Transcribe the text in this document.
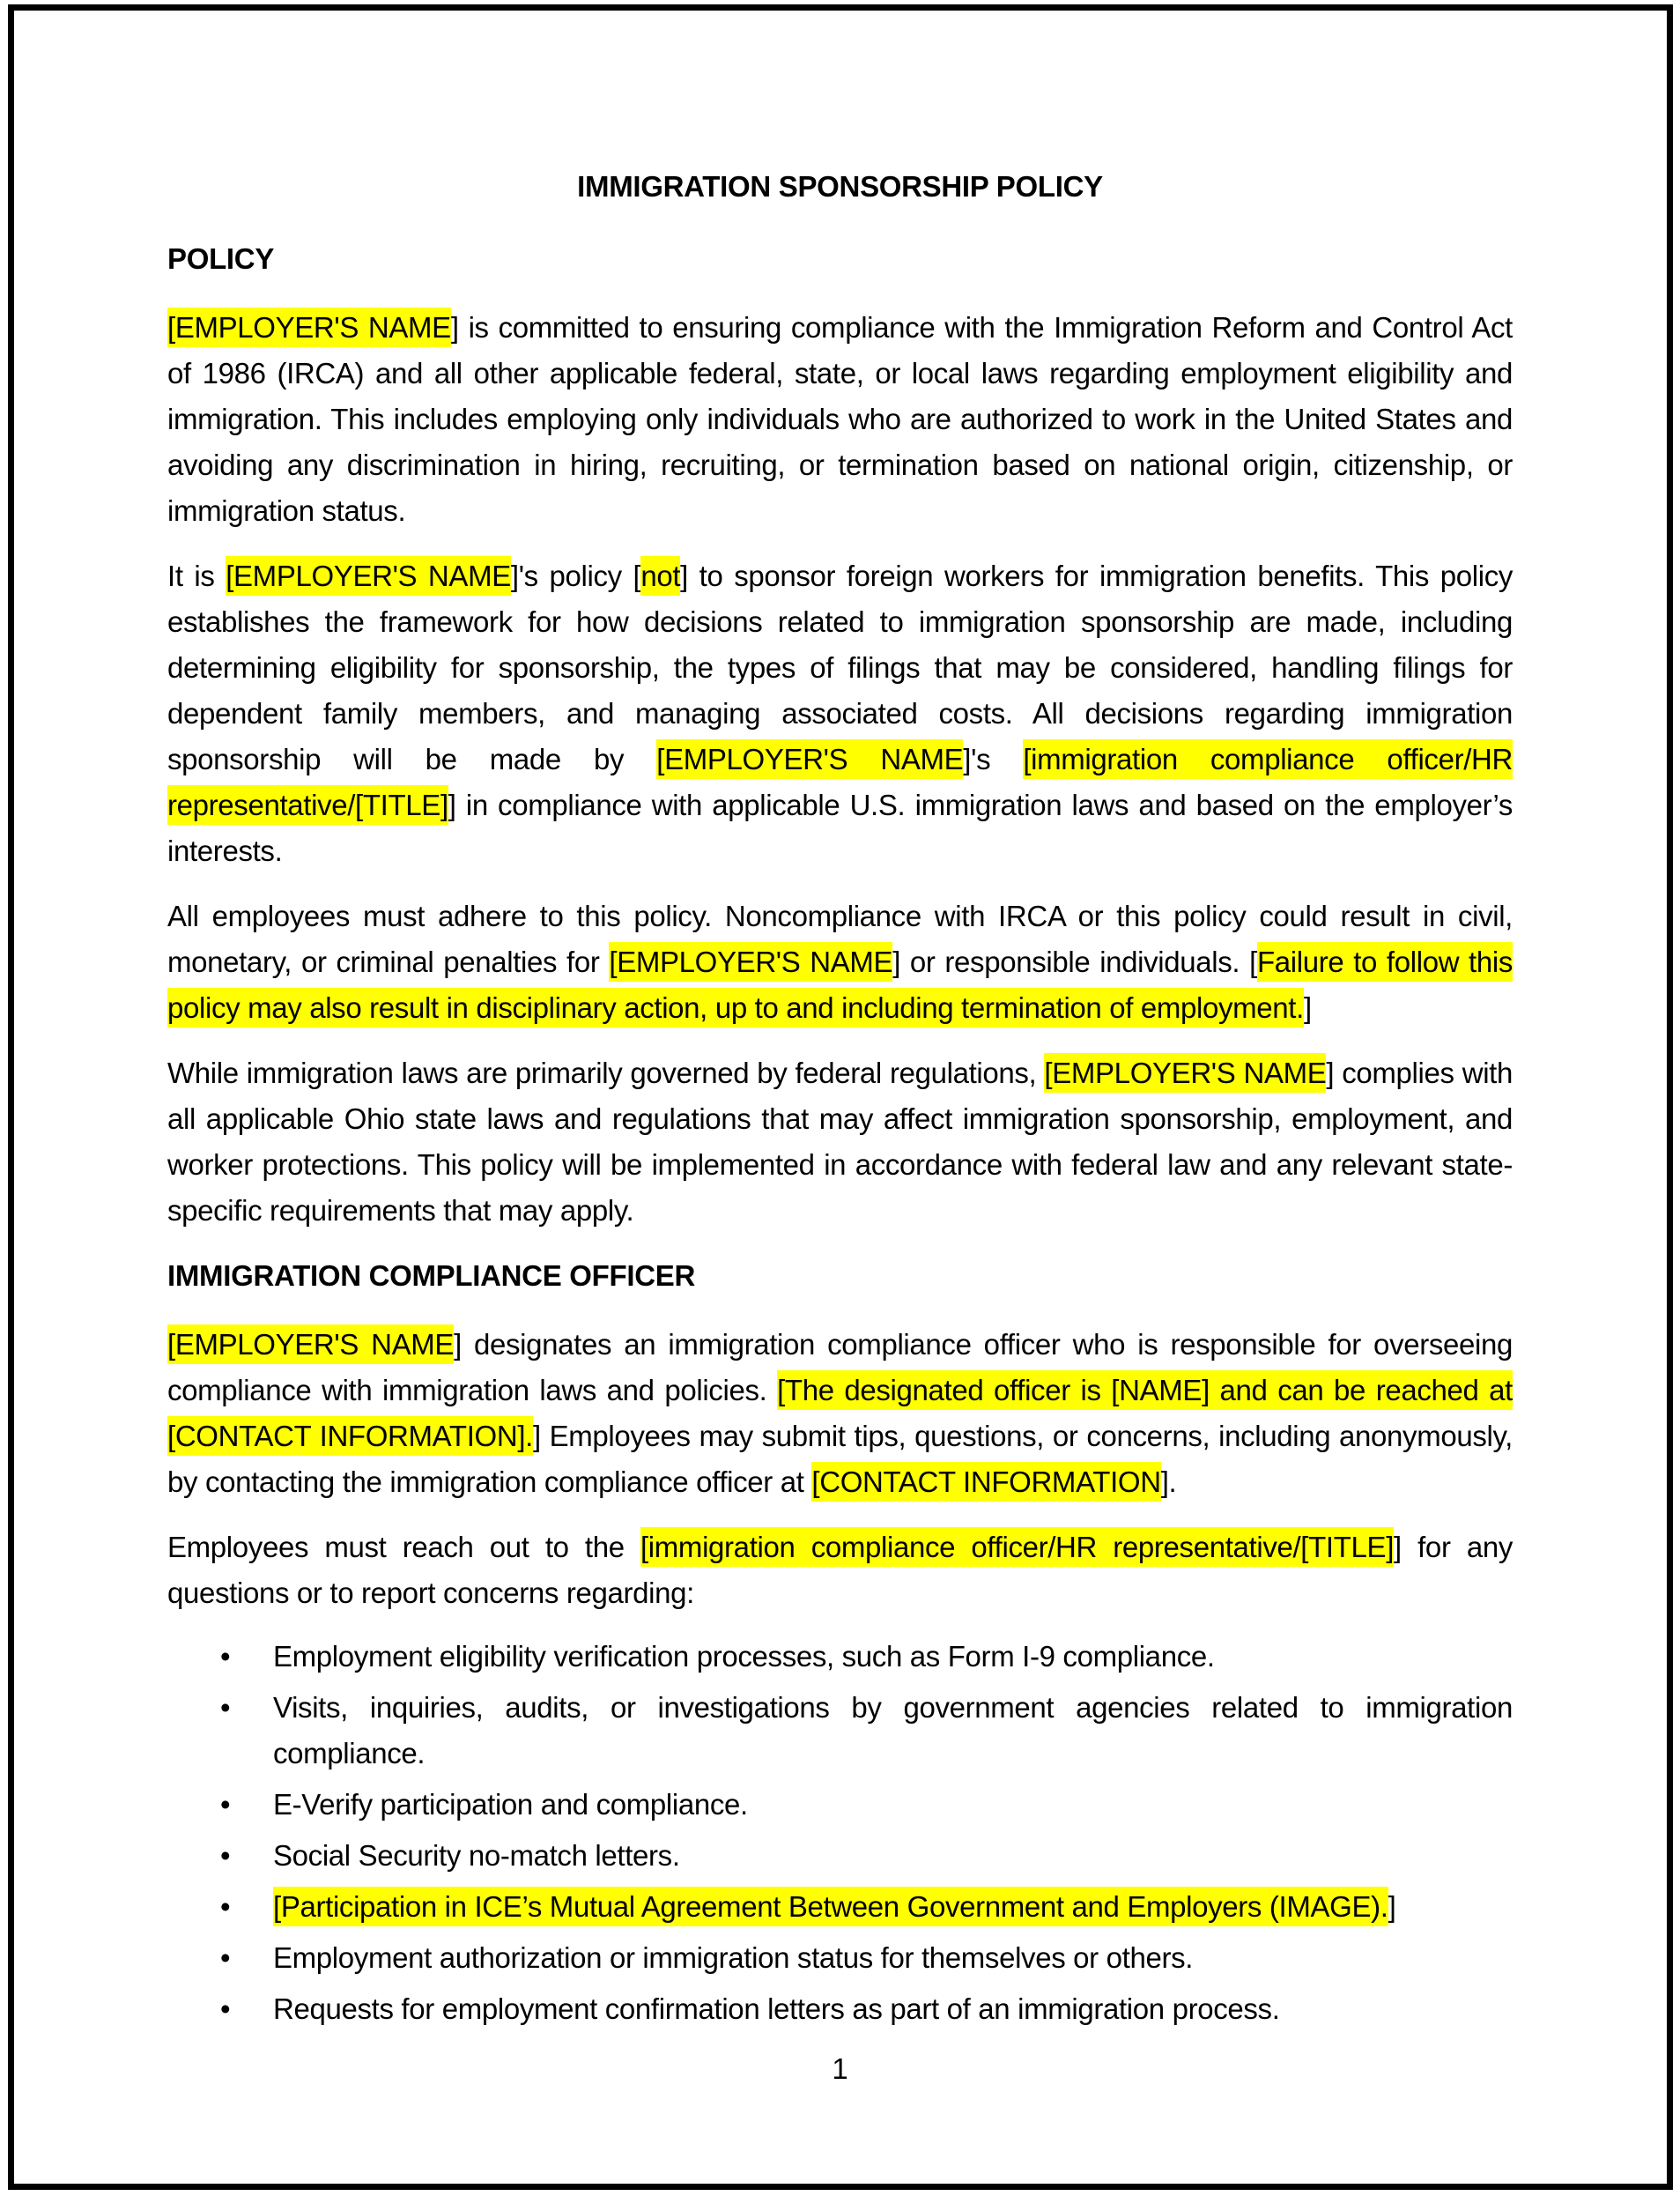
IMMIGRATION SPONSORSHIP POLICY
POLICY

[EMPLOYER'S NAME] is committed to ensuring compliance with the Immigration Reform and Control Act of 1986 (IRCA) and all other applicable federal, state, or local laws regarding employment eligibility and immigration. This includes employing only individuals who are authorized to work in the United States and avoiding any discrimination in hiring, recruiting, or termination based on national origin, citizenship, or immigration status.

It is [EMPLOYER'S NAME]'s policy [not] to sponsor foreign workers for immigration benefits. This policy establishes the framework for how decisions related to immigration sponsorship are made, including determining eligibility for sponsorship, the types of filings that may be considered, handling filings for dependent family members, and managing associated costs. All decisions regarding immigration sponsorship will be made by [EMPLOYER'S NAME]'s [immigration compliance officer/HR representative/[TITLE]] in compliance with applicable U.S. immigration laws and based on the employer’s interests.

All employees must adhere to this policy. Noncompliance with IRCA or this policy could result in civil, monetary, or criminal penalties for [EMPLOYER'S NAME] or responsible individuals. [Failure to follow this policy may also result in disciplinary action, up to and including termination of employment.]

While immigration laws are primarily governed by federal regulations, [EMPLOYER'S NAME] complies with all applicable Ohio state laws and regulations that may affect immigration sponsorship, employment, and worker protections. This policy will be implemented in accordance with federal law and any relevant state-specific requirements that may apply.

IMMIGRATION COMPLIANCE OFFICER

[EMPLOYER'S NAME] designates an immigration compliance officer who is responsible for overseeing compliance with immigration laws and policies. [The designated officer is [NAME] and can be reached at [CONTACT INFORMATION].] Employees may submit tips, questions, or concerns, including anonymously, by contacting the immigration compliance officer at [CONTACT INFORMATION].

Employees must reach out to the [immigration compliance officer/HR representative/[TITLE]] for any questions or to report concerns regarding:

•	Employment eligibility verification processes, such as Form I-9 compliance.
•	Visits, inquiries, audits, or investigations by government agencies related to immigration compliance.
•	E-Verify participation and compliance.
•	Social Security no-match letters.
•	[Participation in ICE’s Mutual Agreement Between Government and Employers (IMAGE).]
•	Employment authorization or immigration status for themselves or others.
•	Requests for employment confirmation letters as part of an immigration process.
1
